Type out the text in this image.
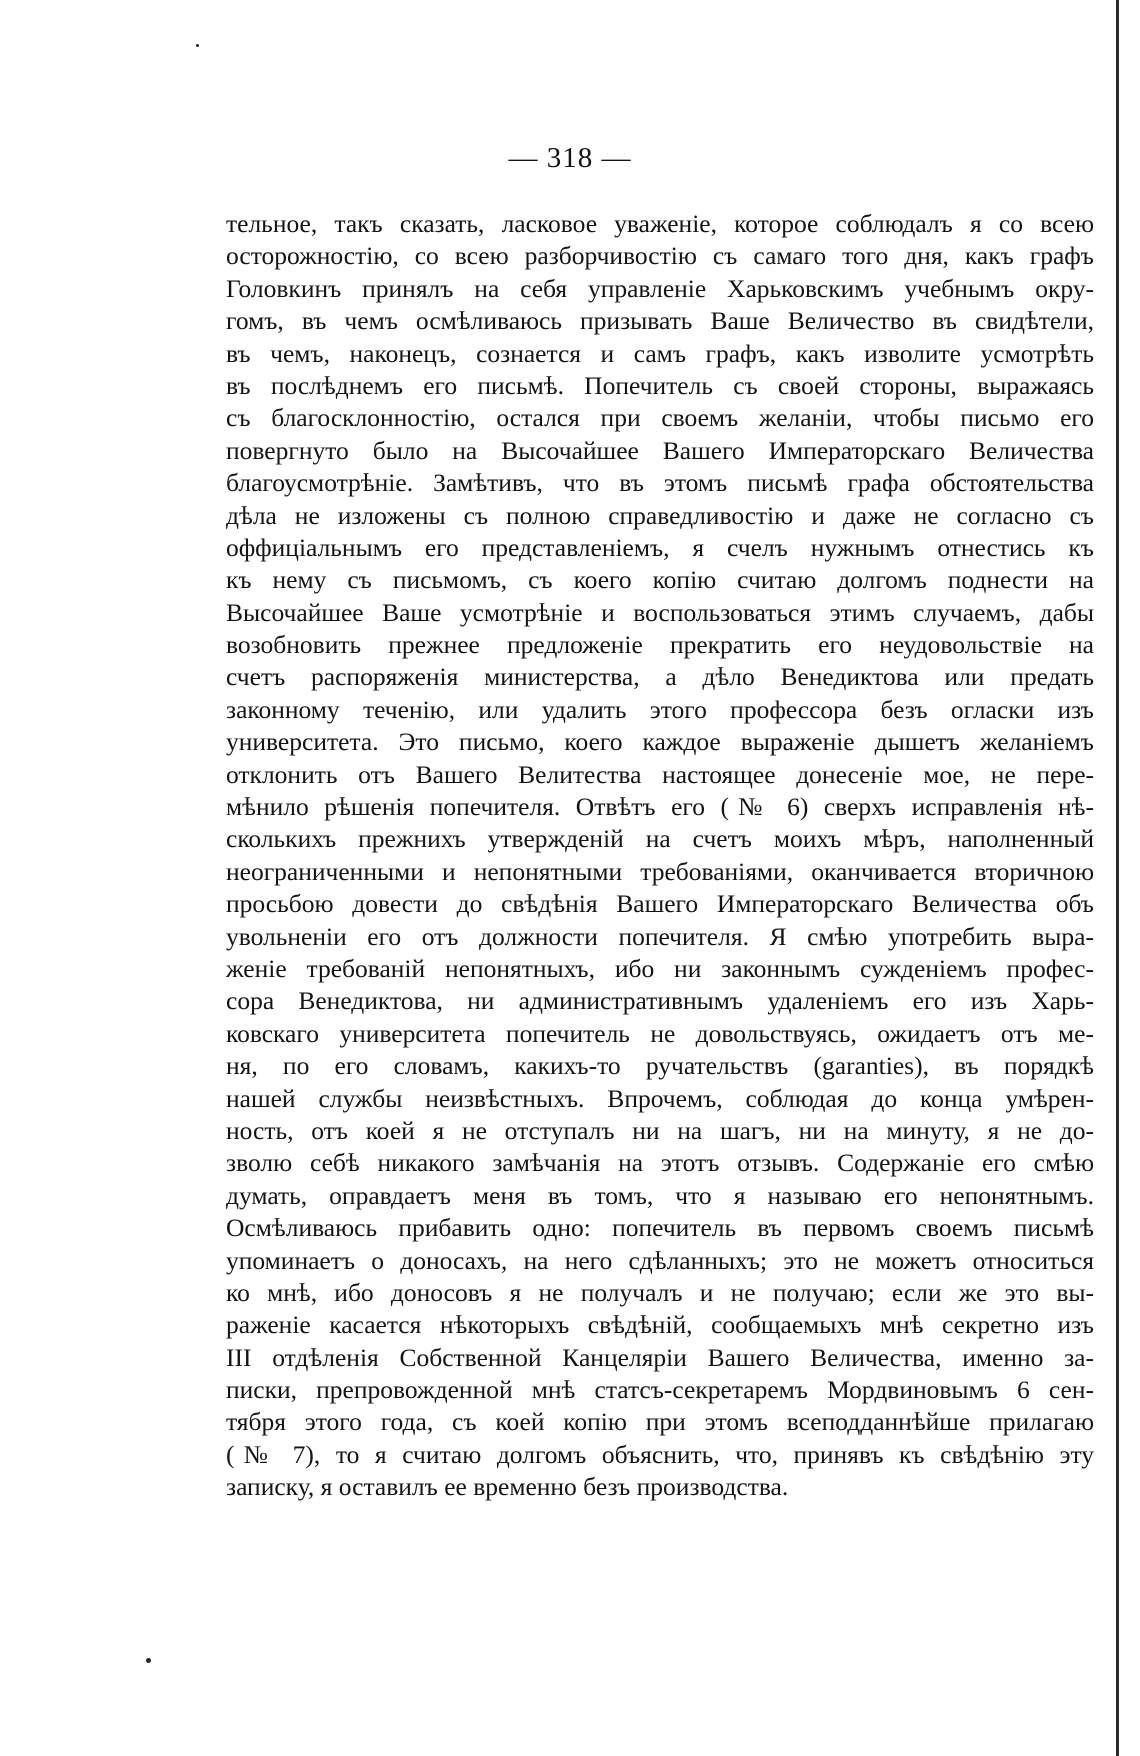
— 318 —
тельное, такъ сказать, ласковое уваженіе, которое соблюдалъ я со всею
осторожностію, со всею разборчивостію съ самаго того дня, какъ графъ
Головкинъ принялъ на себя управленіе Харьковскимъ учебнымъ окру-
гомъ, въ чемъ осмѣливаюсь призывать Ваше Величество въ свидѣтели,
въ чемъ, наконецъ, сознается и самъ графъ, какъ изволите усмотрѣть
въ послѣднемъ его письмѣ. Попечитель съ своей стороны, выражаясь
съ благосклонностію, остался при своемъ желаніи, чтобы письмо его
повергнуто было на Высочайшее Вашего Императорскаго Величества
благоусмотрѣніе. Замѣтивъ, что въ этомъ письмѣ графа обстоятельства
дѣла не изложены съ полною справедливостію и даже не согласно съ
оффиціальнымъ его представленіемъ, я счелъ нужнымъ отнестись къ
къ нему съ письмомъ, съ коего копію считаю долгомъ поднести на
Высочайшее Ваше усмотрѣніе и воспользоваться этимъ случаемъ, дабы
возобновить прежнее предложеніе прекратить его неудовольствіе на
счетъ распоряженія министерства, а дѣло Венедиктова или предать
законному теченію, или удалить этого профессора безъ огласки изъ
университета. Это письмо, коего каждое выраженіе дышетъ желаніемъ
отклонить отъ Вашего Велитества настоящее донесеніе мое, не пере-
мѣнило рѣшенія попечителя. Отвѣтъ его (№ 6) сверхъ исправленія нѣ-
сколькихъ прежнихъ утвержденій на счетъ моихъ мѣръ, наполненный
неограниченными и непонятными требованіями, оканчивается вторичною
просьбою довести до свѣдѣнія Вашего Императорскаго Величества объ
увольненіи его отъ должности попечителя. Я смѣю употребить выра-
женіе требованій непонятныхъ, ибо ни законнымъ сужденіемъ профес-
сора Венедиктова, ни административнымъ удаленіемъ его изъ Харь-
ковскаго университета попечитель не довольствуясь, ожидаетъ отъ ме-
ня, по его словамъ, какихъ-то ручательствъ (garanties), въ порядкѣ
нашей службы неизвѣстныхъ. Впрочемъ, соблюдая до конца умѣрен-
ность, отъ коей я не отступалъ ни на шагъ, ни на минуту, я не до-
зволю себѣ никакого замѣчанія на этотъ отзывъ. Содержаніе его смѣю
думать, оправдаетъ меня въ томъ, что я называю его непонятнымъ.
Осмѣливаюсь прибавить одно: попечитель въ первомъ своемъ письмѣ
упоминаетъ о доносахъ, на него сдѣланныхъ; это не можетъ относиться
ко мнѣ, ибо доносовъ я не получалъ и не получаю; если же это вы-
раженіе касается нѣкоторыхъ свѣдѣній, сообщаемыхъ мнѣ секретно изъ
III отдѣленія Собственной Канцеляріи Вашего Величества, именно за-
писки, препровожденной мнѣ статсъ-секретаремъ Мордвиновымъ 6 сен-
тября этого года, съ коей копію при этомъ всеподданнѣйше прилагаю
(№ 7), то я считаю долгомъ объяснить, что, принявъ къ свѣдѣнію эту
записку, я оставилъ ее временно безъ производства.
